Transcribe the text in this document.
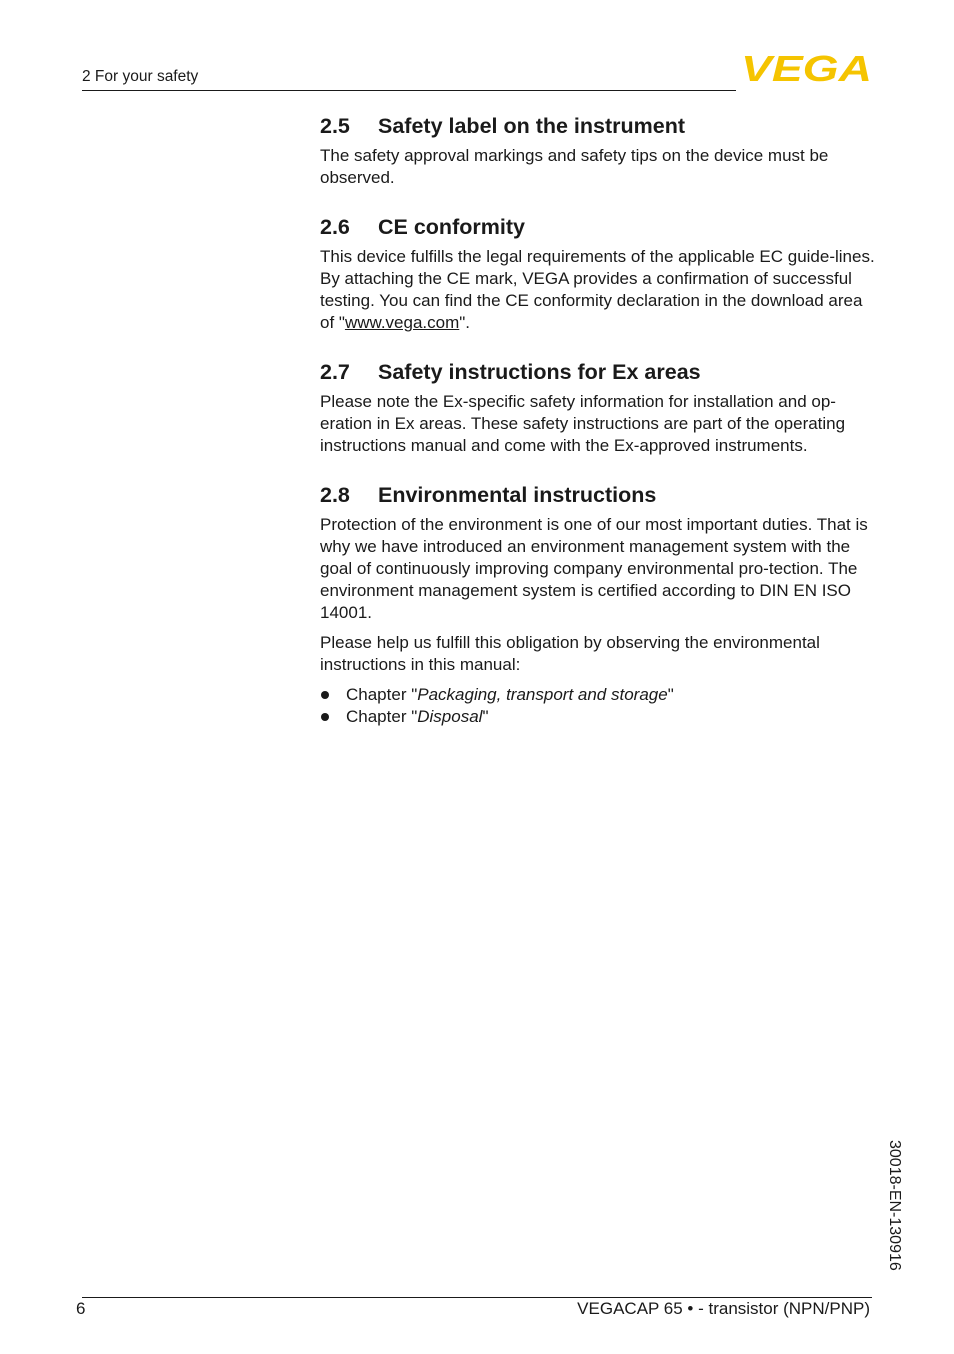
2 For your safety	VEGA
2.5	Safety label on the instrument

The safety approval markings and safety tips on the device must be observed.

2.6	CE conformity

This device fulfills the legal requirements of the applicable EC guide-lines. By attaching the CE mark, VEGA provides a confirmation of successful testing. You can find the CE conformity declaration in the download area of "www.vega.com".

2.7	Safety instructions for Ex areas

Please note the Ex-specific safety information for installation and op-eration in Ex areas. These safety instructions are part of the operating instructions manual and come with the Ex-approved instruments.

2.8	Environmental instructions

Protection of the environment is one of our most important duties. That is why we have introduced an environment management system with the goal of continuously improving company environmental pro-tection. The environment management system is certified according to DIN EN ISO 14001.

Please help us fulfill this obligation by observing the environmental instructions in this manual:

Chapter "Packaging, transport and storage"
Chapter "Disposal"
30018-EN-130916
6	VEGACAP 65 • - transistor (NPN/PNP)
